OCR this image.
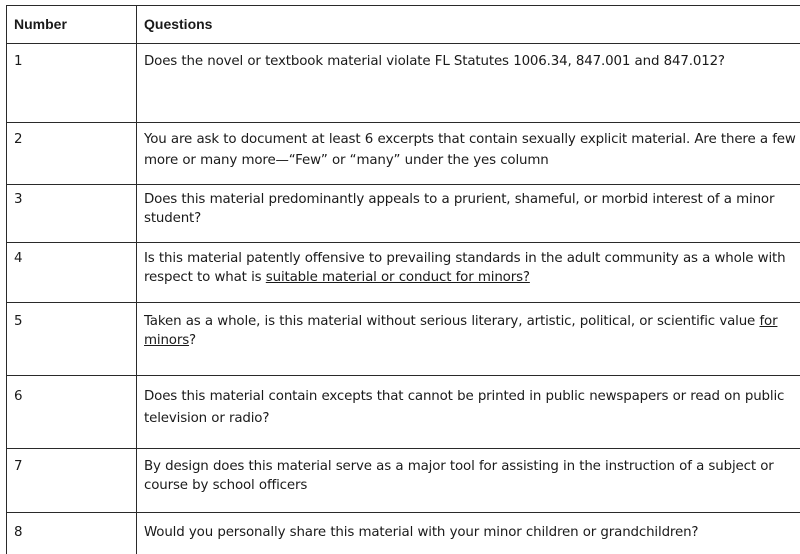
Number	Questions
1	Does the novel or textbook material violate FL Statutes 1006.34, 847.001 and 847.012?
2	You are ask to document at least 6 excerpts that contain sexually explicit material. Are there a few more or many more—“Few” or “many” under the yes column
3	Does this material predominantly appeals to a prurient, shameful, or morbid interest of a minor student?
4	Is this material patently offensive to prevailing standards in the adult community as a whole with respect to what is suitable material or conduct for minors?
5	Taken as a whole, is this material without serious literary, artistic, political, or scientific value for minors?
6	Does this material contain excepts that cannot be printed in public newspapers or read on public television or radio?
7	By design does this material serve as a major tool for assisting in the instruction of a subject or course by school officers
8	Would you personally share this material with your minor children or grandchildren?
